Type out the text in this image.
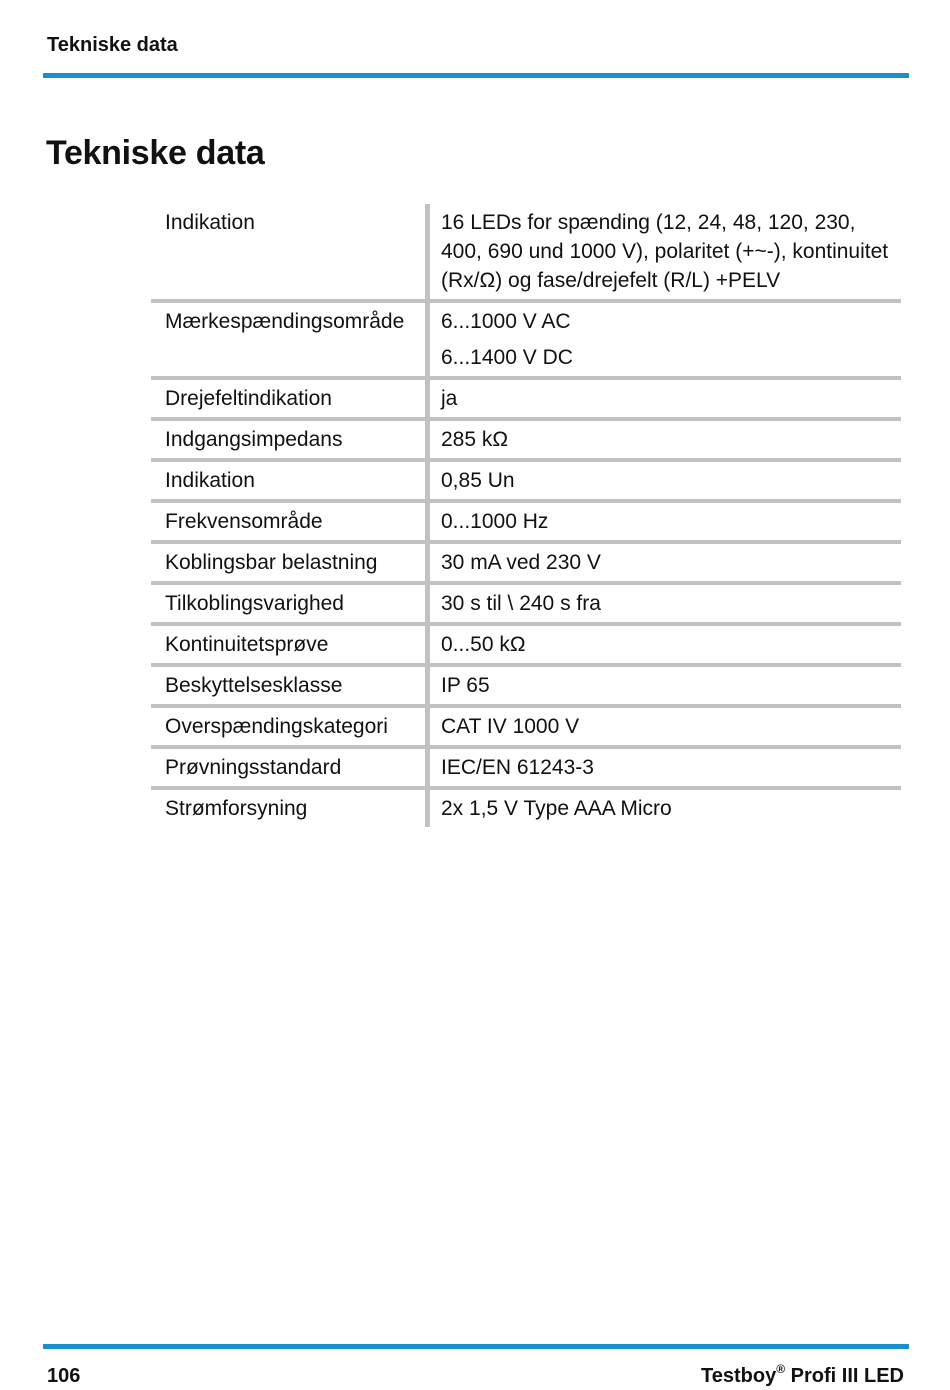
Tekniske data
Tekniske data
Indikation	16 LEDs for spænding (12, 24, 48, 120, 230, 400, 690 und 1000 V), polaritet (+~-), kontinuitet (Rx/Ω) og fase/drejefelt (R/L) +PELV
Mærkespændingsområde	6...1000 V AC
6...1400 V DC
Drejefeltindikation	ja
Indgangsimpedans	285 kΩ
Indikation	0,85 Un
Frekvensområde	0...1000 Hz
Koblingsbar belastning	30 mA ved 230 V
Tilkoblingsvarighed	30 s til \ 240 s fra
Kontinuitetsprøve	0...50 kΩ
Beskyttelsesklasse	IP 65
Overspændingskategori	CAT IV 1000 V
Prøvningsstandard	IEC/EN 61243-3
Strømforsyning	2x 1,5 V Type AAA Micro
106	Testboy® Profi III LED
